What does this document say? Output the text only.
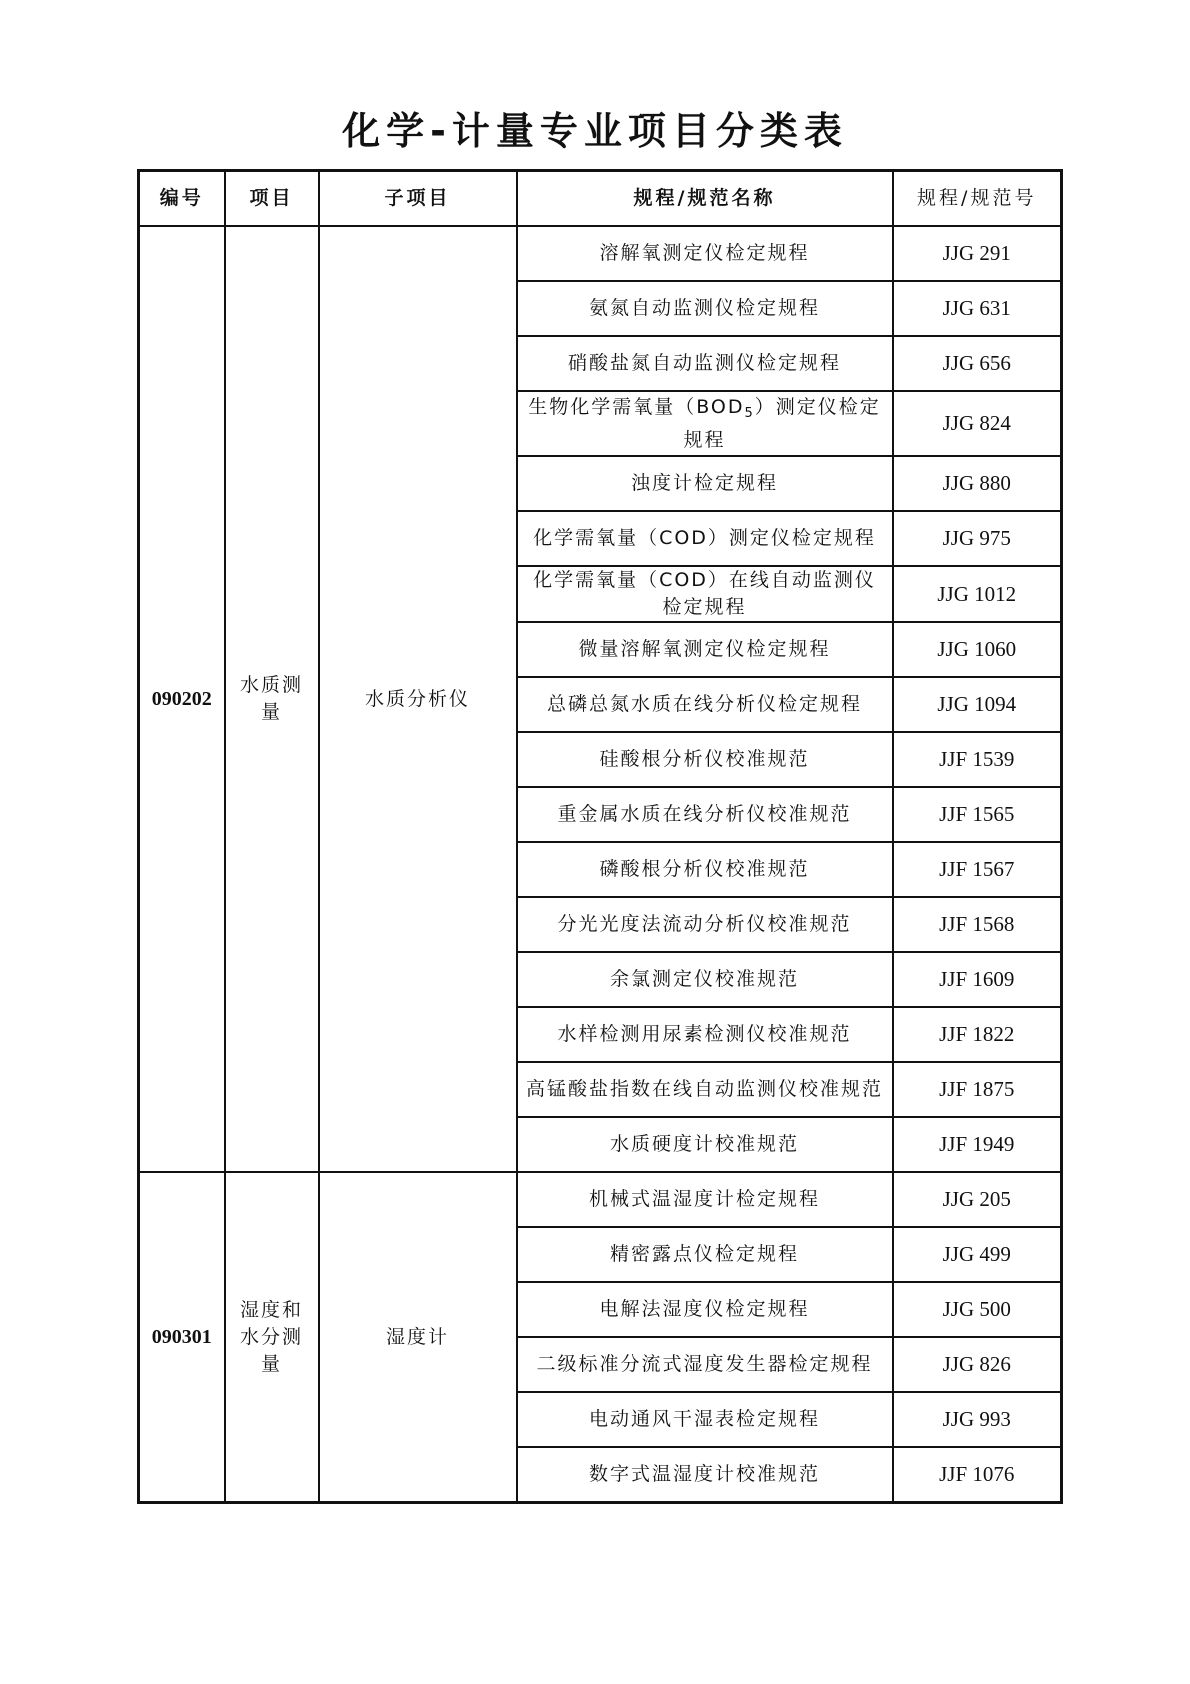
化学-计量专业项目分类表
编号	项目	子项目	规程/规范名称	规程/规范号
090202	水质测量	水质分析仪	溶解氧测定仪检定规程	JJG 291
			氨氮自动监测仪检定规程	JJG 631
			硝酸盐氮自动监测仪检定规程	JJG 656
			生物化学需氧量$(BOD_5)$测定仪检定规程	JJG 824
			浊度计检定规程	JJG 880
			化学需氧量（COD）测定仪检定规程	JJG 975
			化学需氧量（COD）在线自动监测仪检定规程	JJG 1012
			微量溶解氧测定仪检定规程	JJG 1060
			总磷总氮水质在线分析仪检定规程	JJG 1094
			硅酸根分析仪校准规范	JJF 1539
			重金属水质在线分析仪校准规范	JJF 1565
			磷酸根分析仪校准规范	JJF 1567
			分光光度法流动分析仪校准规范	JJF 1568
			余氯测定仪校准规范	JJF 1609
			水样检测用尿素检测仪校准规范	JJF 1822
			高锰酸盐指数在线自动监测仪校准规范	JJF 1875
			水质硬度计校准规范	JJF 1949
090301	湿度和水分测量	湿度计	机械式温湿度计检定规程	JJG 205
			精密露点仪检定规程	JJG 499
			电解法湿度仪检定规程	JJG 500
			二级标准分流式湿度发生器检定规程	JJG 826
			电动通风干湿表检定规程	JJG 993
			数字式温湿度计校准规范	JJF 1076
